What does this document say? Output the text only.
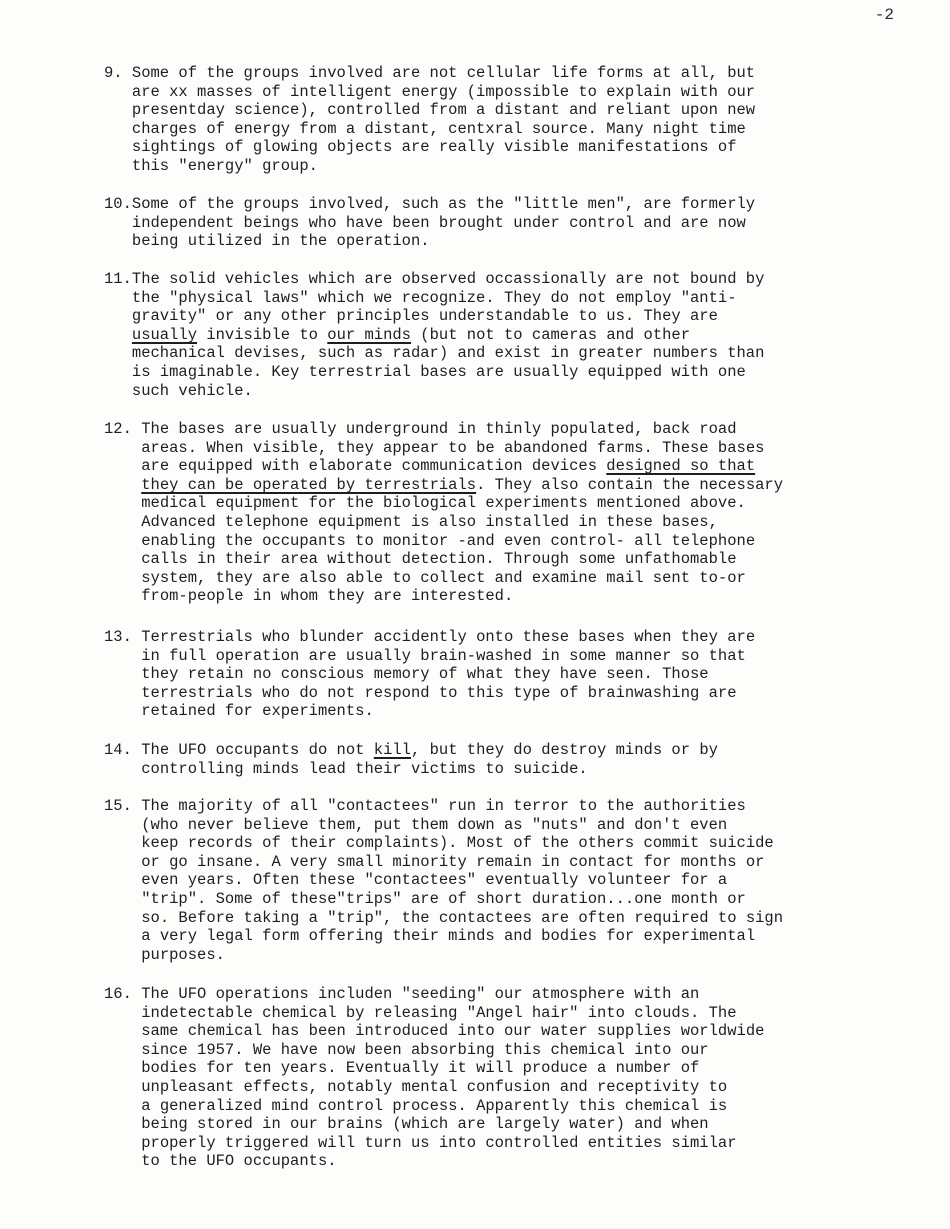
-2
9. Some of the groups involved are not cellular life forms at all, but
are xx masses of intelligent energy (impossible to explain with our
presentday science), controlled from a distant and reliant upon new
charges of energy from a distant, centxral source. Many night time
sightings of glowing objects are really visible manifestations of
this "energy" group.
10. Some of the groups involved, such as the "little men", are formerly
independent beings who have been brought under control and are now
being utilized in the operation.
11. The solid vehicles which are observed occassionally are not bound by
the "physical laws" which we recognize. They do not employ "anti-
gravity" or any other principles understandable to us. They are
usually invisible to our minds (but not to cameras and other
mechanical devises, such as radar) and exist in greater numbers than
is imaginable. Key terrestrial bases are usually equipped with one
such vehicle.
12. The bases are usually underground in thinly populated, back road
areas. When visible, they appear to be abandoned farms. These bases
are equipped with elaborate communication devices designed so that
they can be operated by terrestrials. They also contain the necessary
medical equipment for the biological experiments mentioned above.
Advanced telephone equipment is also installed in these bases,
enabling the occupants to monitor -and even control- all telephone
calls in their area without detection. Through some unfathomable
system, they are also able to collect and examine mail sent to-or
from-people in whom they are interested.
13. Terrestrials who blunder accidently onto these bases when they are
in full operation are usually brain-washed in some manner so that
they retain no conscious memory of what they have seen. Those
terrestrials who do not respond to this type of brainwashing are
retained for experiments.
14. The UFO occupants do not kill, but they do destroy minds or by
controlling minds lead their victims to suicide.
15. The majority of all "contactees" run in terror to the authorities
(who never believe them, put them down as "nuts" and don't even
keep records of their complaints). Most of the others commit suicide
or go insane. A very small minority remain in contact for months or
even years. Often these "contactees" eventually volunteer for a
"trip". Some of these"trips" are of short duration...one month or
so. Before taking a "trip", the contactees are often required to sign
a very legal form offering their minds and bodies for experimental
purposes.
16. The UFO operations includen "seeding" our atmosphere with an
indetectable chemical by releasing "Angel hair" into clouds. The
same chemical has been introduced into our water supplies worldwide
since 1957. We have now been absorbing this chemical into our
bodies for ten years. Eventually it will produce a number of
unpleasant effects, notably mental confusion and receptivity to
a generalized mind control process. Apparently this chemical is
being stored in our brains (which are largely water) and when
properly triggered will turn us into controlled entities similar
to the UFO occupants.
